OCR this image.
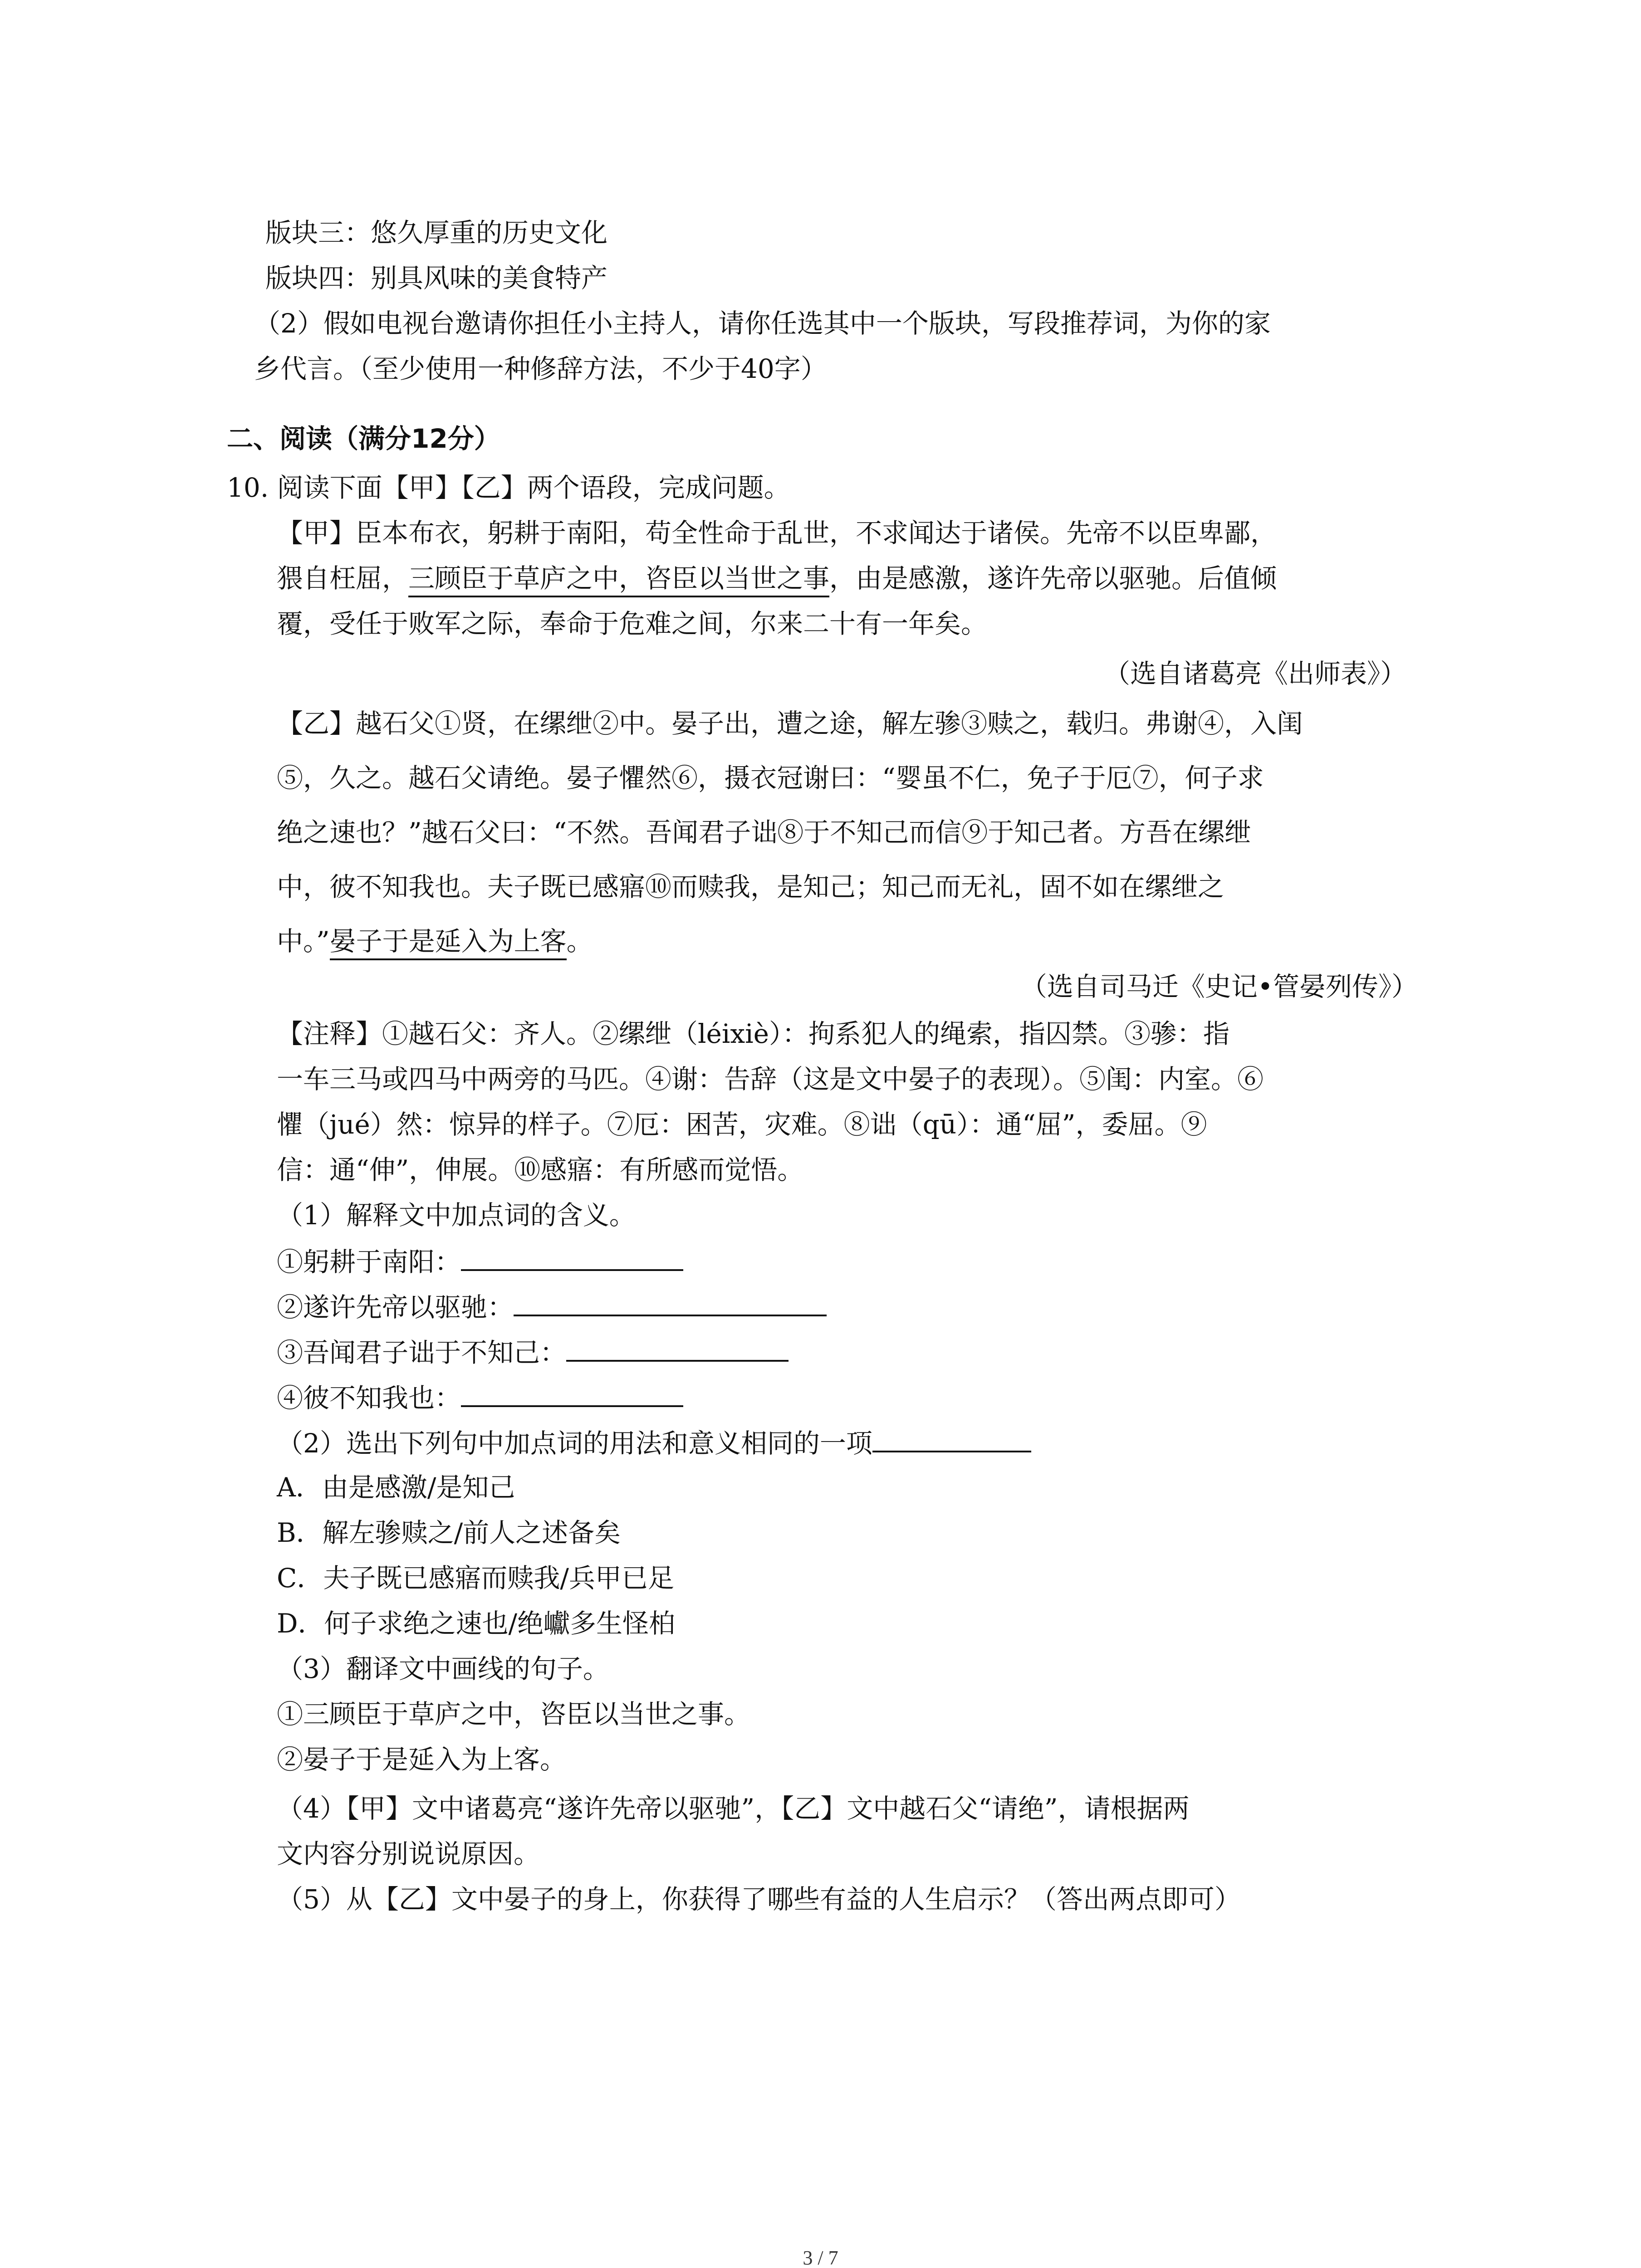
版块三：悠久厚重的历史文化
版块四：别具风味的美食特产
（2）假如电视台邀请你担任小主持人，请你任选其中一个版块，写段推荐词，为你的家
乡代言。（至少使用一种修辞方法，不少于40字）
二、阅读（满分12分）
10. 阅读下面【甲】【乙】两个语段，完成问题。
【甲】臣本布衣，躬耕于南阳，苟全性命于乱世，不求闻达于诸侯。先帝不以臣卑鄙，
猥自枉屈，三顾臣于草庐之中，咨臣以当世之事，由是感激，遂许先帝以驱驰。后值倾
覆，受任于败军之际，奉命于危难之间，尔来二十有一年矣。
（选自诸葛亮《出师表》）
【乙】越石父①贤，在缧绁②中。晏子出，遭之途，解左骖③赎之，载归。弗谢④，入闺
⑤，久之。越石父请绝。晏子懼然⑥，摄衣冠谢曰：“婴虽不仁，免子于厄⑦，何子求
绝之速也？”越石父曰：“不然。吾闻君子诎⑧于不知己而信⑨于知己者。方吾在缧绁
中，彼不知我也。夫子既已感寤⑩而赎我，是知己；知己而无礼，固不如在缧绁之
中。”晏子于是延入为上客。
（选自司马迁《史记•管晏列传》）
【注释】①越石父：齐人。②缧绁（léixiè）：拘系犯人的绳索，指囚禁。③骖：指
一车三马或四马中两旁的马匹。④谢：告辞（这是文中晏子的表现）。⑤闺：内室。⑥
懼（jué）然：惊异的样子。⑦厄：困苦，灾难。⑧诎（qū）：通“屈”，委屈。⑨
信：通“伸”，伸展。⑩感寤：有所感而觉悟。
（1）解释文中加点词的含义。
①躬耕于南阳：
②遂许先帝以驱驰：
③吾闻君子诎于不知己：
④彼不知我也：
（2）选出下列句中加点词的用法和意义相同的一项
A．由是感激/是知己
B．解左骖赎之/前人之述备矣
C．夫子既已感寤而赎我/兵甲已足
D．何子求绝之速也/绝巘多生怪柏
（3）翻译文中画线的句子。
①三顾臣于草庐之中，咨臣以当世之事。
②晏子于是延入为上客。
（4）【甲】文中诸葛亮“遂许先帝以驱驰”，【乙】文中越石父“请绝”，请根据两
文内容分别说说原因。
（5）从【乙】文中晏子的身上，你获得了哪些有益的人生启示？（答出两点即可）
3 / 7
